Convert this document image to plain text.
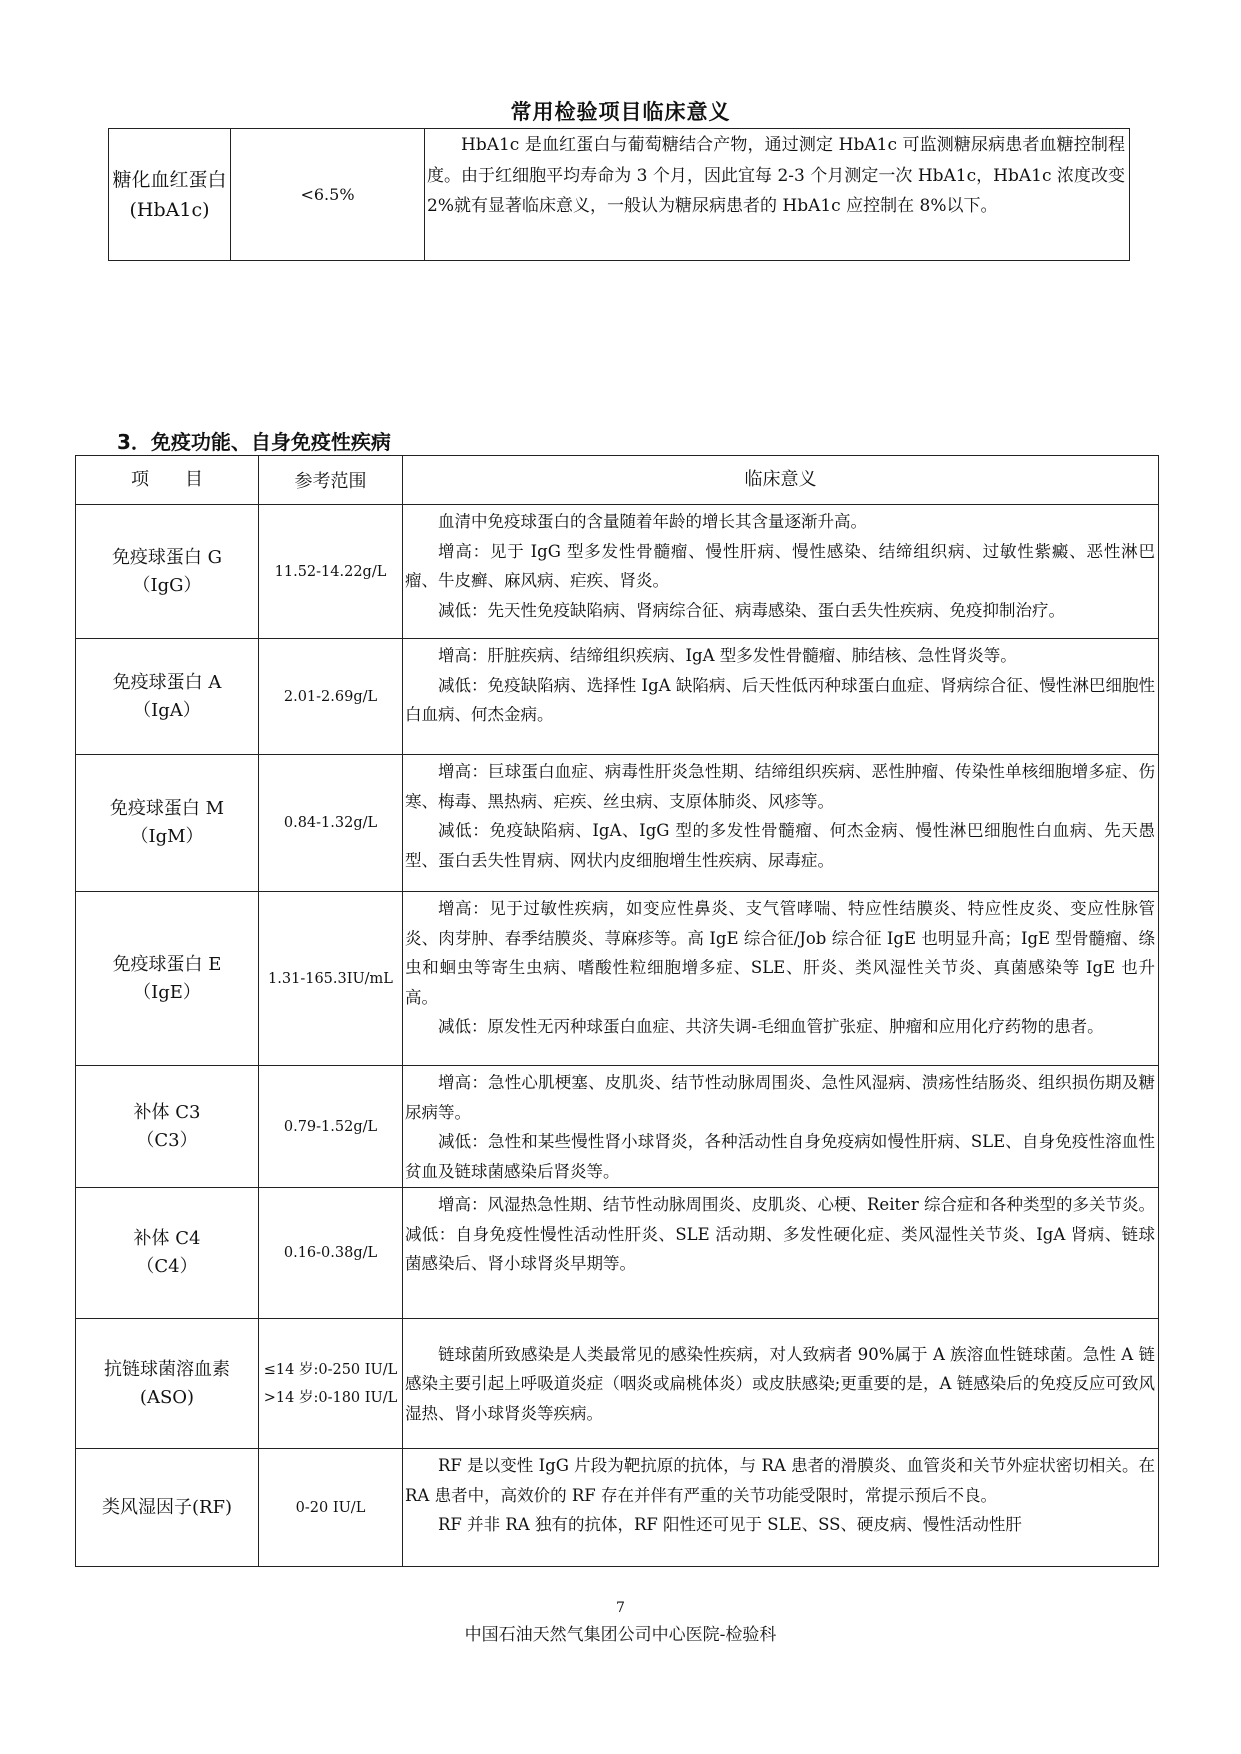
常用检验项目临床意义
糖化血红蛋白(HbA1c)	<6.5%	HbA1c 是血红蛋白与葡萄糖结合产物，通过测定 HbA1c 可监测糖尿病患者血糖控制程度。由于红细胞平均寿命为 3 个月，因此宜每 2-3 个月测定一次 HbA1c，HbA1c 浓度改变 2%就有显著临床意义，一般认为糖尿病患者的 HbA1c 应控制在 8%以下。
3．免疫功能、自身免疫性疾病
项　　目	参考范围	临床意义

免疫球蛋白 G
（IgG）	11.52-14.22g/L	血清中免疫球蛋白的含量随着年龄的增长其含量逐渐升高。
增高：见于 IgG 型多发性骨髓瘤、慢性肝病、慢性感染、结缔组织病、过敏性紫癜、恶性淋巴瘤、牛皮癣、麻风病、疟疾、肾炎。
减低：先天性免疫缺陷病、肾病综合征、病毒感染、蛋白丢失性疾病、免疫抑制治疗。

免疫球蛋白 A
（IgA）	2.01-2.69g/L	增高：肝脏疾病、结缔组织疾病、IgA 型多发性骨髓瘤、肺结核、急性肾炎等。
减低：免疫缺陷病、选择性 IgA 缺陷病、后天性低丙种球蛋白血症、肾病综合征、慢性淋巴细胞性白血病、何杰金病。

免疫球蛋白 M
（IgM）	0.84-1.32g/L	增高：巨球蛋白血症、病毒性肝炎急性期、结缔组织疾病、恶性肿瘤、传染性单核细胞增多症、伤寒、梅毒、黑热病、疟疾、丝虫病、支原体肺炎、风疹等。
减低：免疫缺陷病、IgA、IgG 型的多发性骨髓瘤、何杰金病、慢性淋巴细胞性白血病、先天愚型、蛋白丢失性胃病、网状内皮细胞增生性疾病、尿毒症。

免疫球蛋白 E
（IgE）	1.31-165.3IU/mL	增高：见于过敏性疾病，如变应性鼻炎、支气管哮喘、特应性结膜炎、特应性皮炎、变应性脉管炎、肉芽肿、春季结膜炎、荨麻疹等。高 IgE 综合征/Job 综合征 IgE 也明显升高；IgE 型骨髓瘤、绦虫和蛔虫等寄生虫病、嗜酸性粒细胞增多症、SLE、肝炎、类风湿性关节炎、真菌感染等 IgE 也升高。
减低：原发性无丙种球蛋白血症、共济失调-毛细血管扩张症、肿瘤和应用化疗药物的患者。

补体 C3
（C3）	0.79-1.52g/L	增高：急性心肌梗塞、皮肌炎、结节性动脉周围炎、急性风湿病、溃疡性结肠炎、组织损伤期及糖尿病等。
减低：急性和某些慢性肾小球肾炎，各种活动性自身免疫病如慢性肝病、SLE、自身免疫性溶血性贫血及链球菌感染后肾炎等。

补体 C4
（C4）	0.16-0.38g/L	增高：风湿热急性期、结节性动脉周围炎、皮肌炎、心梗、Reiter 综合症和各种类型的多关节炎。
减低：自身免疫性慢性活动性肝炎、SLE 活动期、多发性硬化症、类风湿性关节炎、IgA 肾病、链球菌感染后、肾小球肾炎早期等。

抗链球菌溶血素
(ASO)	≤14 岁:0-250 IU/L
>14 岁:0-180 IU/L	链球菌所致感染是人类最常见的感染性疾病，对人致病者 90%属于 A 族溶血性链球菌。急性 A 链感染主要引起上呼吸道炎症（咽炎或扁桃体炎）或皮肤感染;更重要的是，A 链感染后的免疫反应可致风湿热、肾小球肾炎等疾病。

类风湿因子(RF)	0-20 IU/L	RF 是以变性 IgG 片段为靶抗原的抗体，与 RA 患者的滑膜炎、血管炎和关节外症状密切相关。在 RA 患者中，高效价的 RF 存在并伴有严重的关节功能受限时，常提示预后不良。
RF 并非 RA 独有的抗体，RF 阳性还可见于 SLE、SS、硬皮病、慢性活动性肝
7
中国石油天然气集团公司中心医院-检验科
